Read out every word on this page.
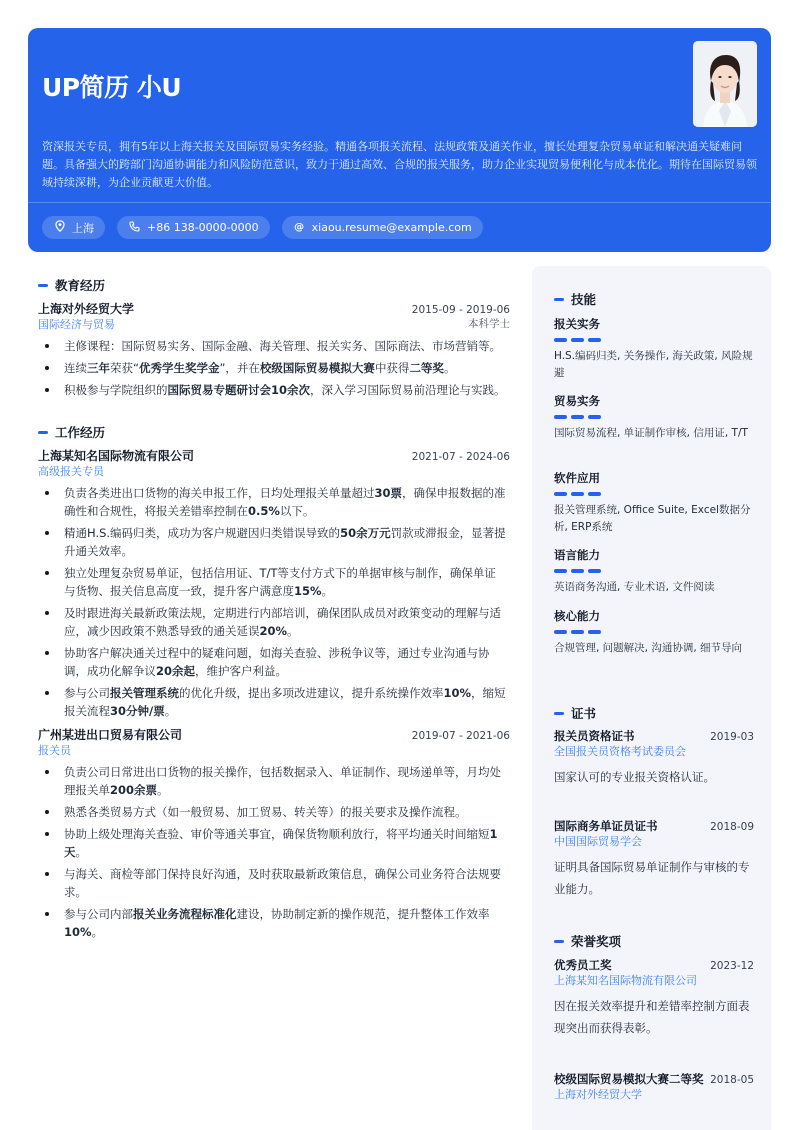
UP简历 小U
资深报关专员，拥有5年以上海关报关及国际贸易实务经验。精通各项报关流程、法规政策及通关作业，擅长处理复杂贸易单证和解决通关疑难问题。具备强大的跨部门沟通协调能力和风险防范意识，致力于通过高效、合规的报关服务，助力企业实现贸易便利化与成本优化。期待在国际贸易领域持续深耕，为企业贡献更大价值。
上海	+86 138-0000-0000	@ xiaou.resume@example.com
教育经历
上海对外经贸大学	2015-09 - 2019-06
国际经济与贸易	本科学士
主修课程：国际贸易实务、国际金融、海关管理、报关实务、国际商法、市场营销等。
连续三年荣获“优秀学生奖学金”，并在校级国际贸易模拟大赛中获得二等奖。
积极参与学院组织的国际贸易专题研讨会10余次，深入学习国际贸易前沿理论与实践。
工作经历
上海某知名国际物流有限公司	2021-07 - 2024-06
高级报关专员
负责各类进出口货物的海关申报工作，日均处理报关单量超过30票，确保申报数据的准确性和合规性，将报关差错率控制在0.5%以下。
精通H.S.编码归类，成功为客户规避因归类错误导致的50余万元罚款或滞报金，显著提升通关效率。
独立处理复杂贸易单证，包括信用证、T/T等支付方式下的单据审核与制作，确保单证与货物、报关信息高度一致，提升客户满意度15%。
及时跟进海关最新政策法规，定期进行内部培训，确保团队成员对政策变动的理解与适应，减少因政策不熟悉导致的通关延误20%。
协助客户解决通关过程中的疑难问题，如海关查验、涉税争议等，通过专业沟通与协调，成功化解争议20余起，维护客户利益。
参与公司报关管理系统的优化升级，提出多项改进建议，提升系统操作效率10%，缩短报关流程30分钟/票。
广州某进出口贸易有限公司	2019-07 - 2021-06
报关员
负责公司日常进出口货物的报关操作，包括数据录入、单证制作、现场递单等，月均处理报关单200余票。
熟悉各类贸易方式（如一般贸易、加工贸易、转关等）的报关要求及操作流程。
协助上级处理海关查验、审价等通关事宜，确保货物顺利放行，将平均通关时间缩短1天。
与海关、商检等部门保持良好沟通，及时获取最新政策信息，确保公司业务符合法规要求。
参与公司内部报关业务流程标准化建设，协助制定新的操作规范，提升整体工作效率10%。
技能
报关实务
H.S.编码归类, 关务操作, 海关政策, 风险规避
贸易实务
国际贸易流程, 单证制作审核, 信用证, T/T
软件应用
报关管理系统, Office Suite, Excel数据分析, ERP系统
语言能力
英语商务沟通, 专业术语, 文件阅读
核心能力
合规管理, 问题解决, 沟通协调, 细节导向
证书
报关员资格证书	2019-03
全国报关员资格考试委员会
国家认可的专业报关资格认证。
国际商务单证员证书	2018-09
中国国际贸易学会
证明具备国际贸易单证制作与审核的专业能力。
荣誉奖项
优秀员工奖	2023-12
上海某知名国际物流有限公司
因在报关效率提升和差错率控制方面表现突出而获得表彰。
校级国际贸易模拟大赛二等奖 2018-05
上海对外经贸大学
